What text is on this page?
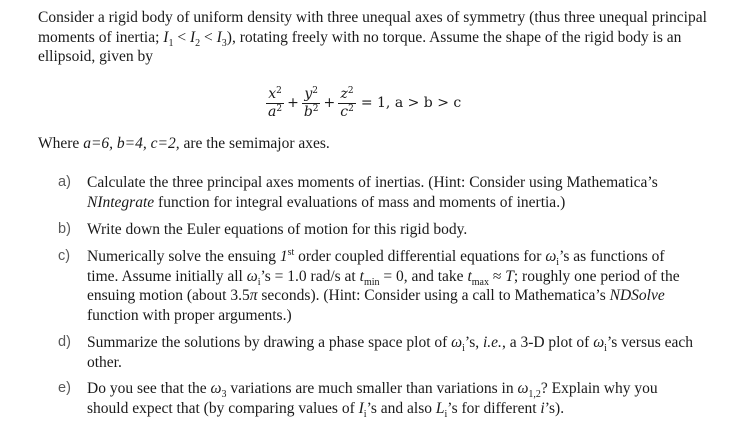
Consider a rigid body of uniform density with three unequal axes of symmetry (thus three unequal principal moments of inertia; $I_1 < I_2 < I_3$), rotating freely with no torque. Assume the shape of the rigid body is an ellipsoid, given by
$\frac{x^2}{a^2} + \frac{y^2}{b^2} + \frac{z^2}{c^2} = 1$, a > b > c
Where a=6, b=4, c=2, are the semimajor axes.
a) Calculate the three principal axes moments of inertias. (Hint: Consider using Mathematica’s NIntegrate function for integral evaluations of mass and moments of inertia.)
b) Write down the Euler equations of motion for this rigid body.
c) Numerically solve the ensuing 1st order coupled differential equations for $\omega_i’s$ as functions of time. Assume initially all $\omega_i’s = 1.0$ rad/s at $t_{min} = 0$, and take $t_{max} \approx T$; roughly one period of the ensuing motion (about 3.5π seconds). (Hint: Consider using a call to Mathematica’s NDSolve function with proper arguments.)
d) Summarize the solutions by drawing a phase space plot of $\omega_i’s$, i.e., a 3-D plot of $\omega_i’s$ versus each other.
e) Do you see that the $\omega_3$ variations are much smaller than variations in $\omega_{1,2}$? Explain why you should expect that (by comparing values of $I_i’s$ and also $L_i’s$ for different i’s).
